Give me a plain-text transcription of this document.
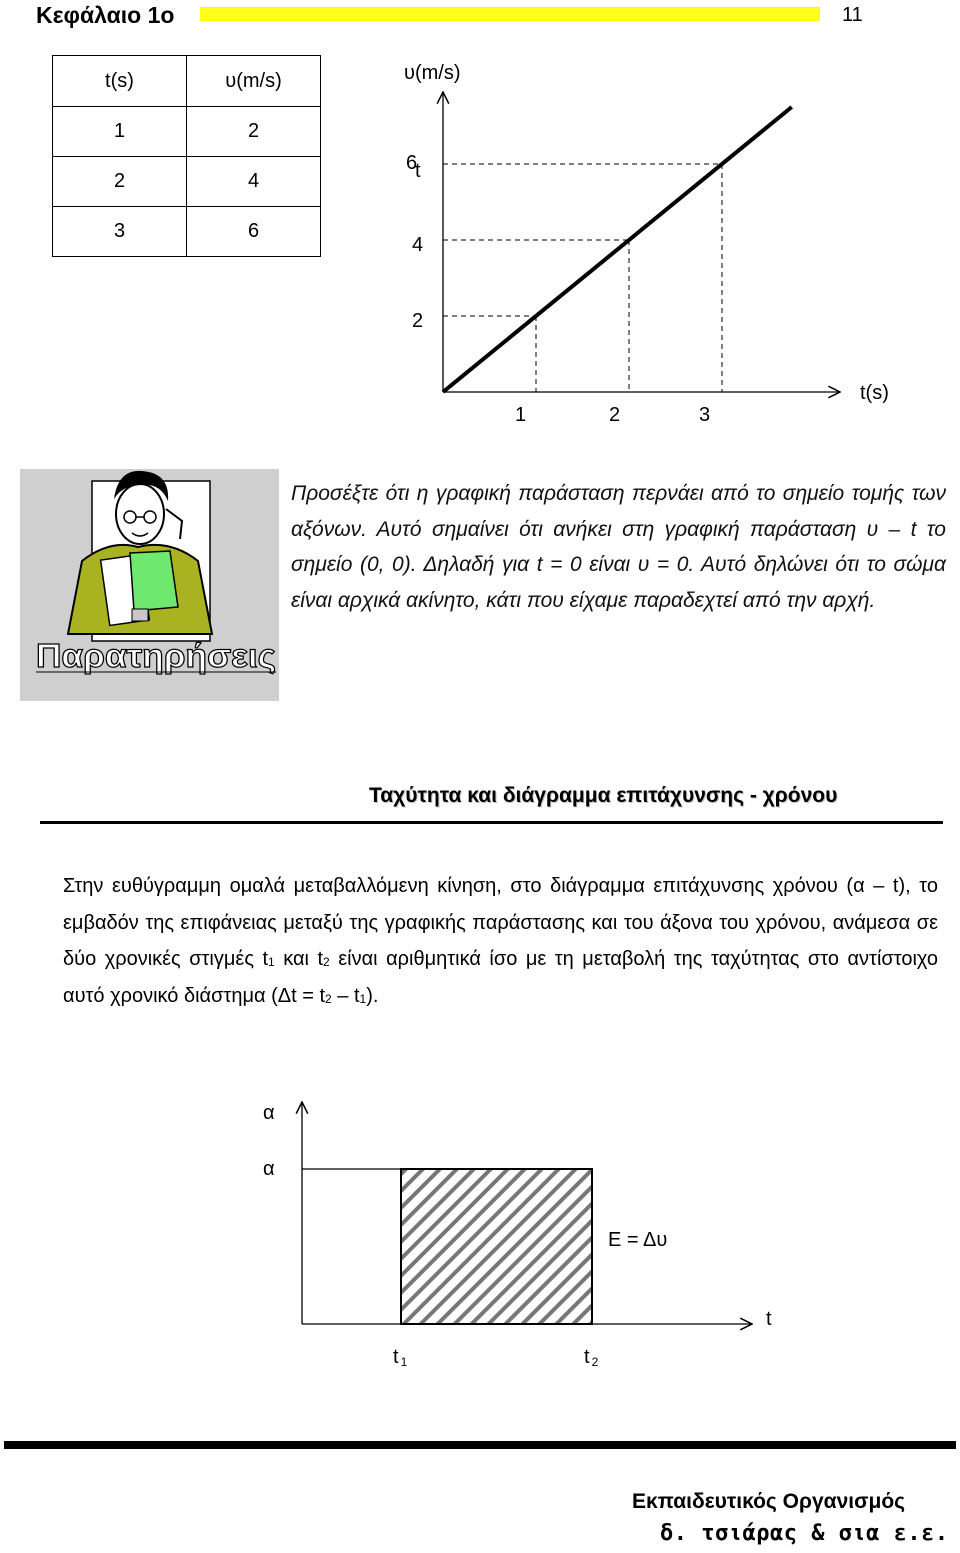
Κεφάλαιο 1ο	11
t(s)	υ(m/s)
1	2
2	4
3	6
υ(m/s)
t(s)
6
t
4
2
1	2	3
Παρατηρήσεις
Προσέξτε ότι η γραφική παράσταση περνάει από το σημείο τομής των αξόνων. Αυτό σημαίνει ότι ανήκει στη γραφική παράσταση υ – t το σημείο (0, 0). Δηλαδή για t = 0 είναι υ = 0. Αυτό δηλώνει ότι το σώμα είναι αρχικά ακίνητο, κάτι που είχαμε παραδεχτεί από την αρχή.
Ταχύτητα και διάγραμμα επιτάχυνσης - χρόνου
Στην ευθύγραμμη ομαλά μεταβαλλόμενη κίνηση, στο διάγραμμα επιτάχυνσης χρόνου (α – t), το εμβαδόν της επιφάνειας μεταξύ της γραφικής παράστασης και του άξονα του χρόνου, ανάμεσα σε δύο χρονικές στιγμές $t_1$ και $t_2$ είναι αριθμητικά ίσο με τη μεταβολή της ταχύτητας στο αντίστοιχο αυτό χρονικό διάστημα $(\Delta t = t_2 - t_1)$.
α
α
Ε = Δυ
t
t 1	t 2
Εκπαιδευτικός Οργανισμός
δ. τσιάρας & σια ε.ε.
